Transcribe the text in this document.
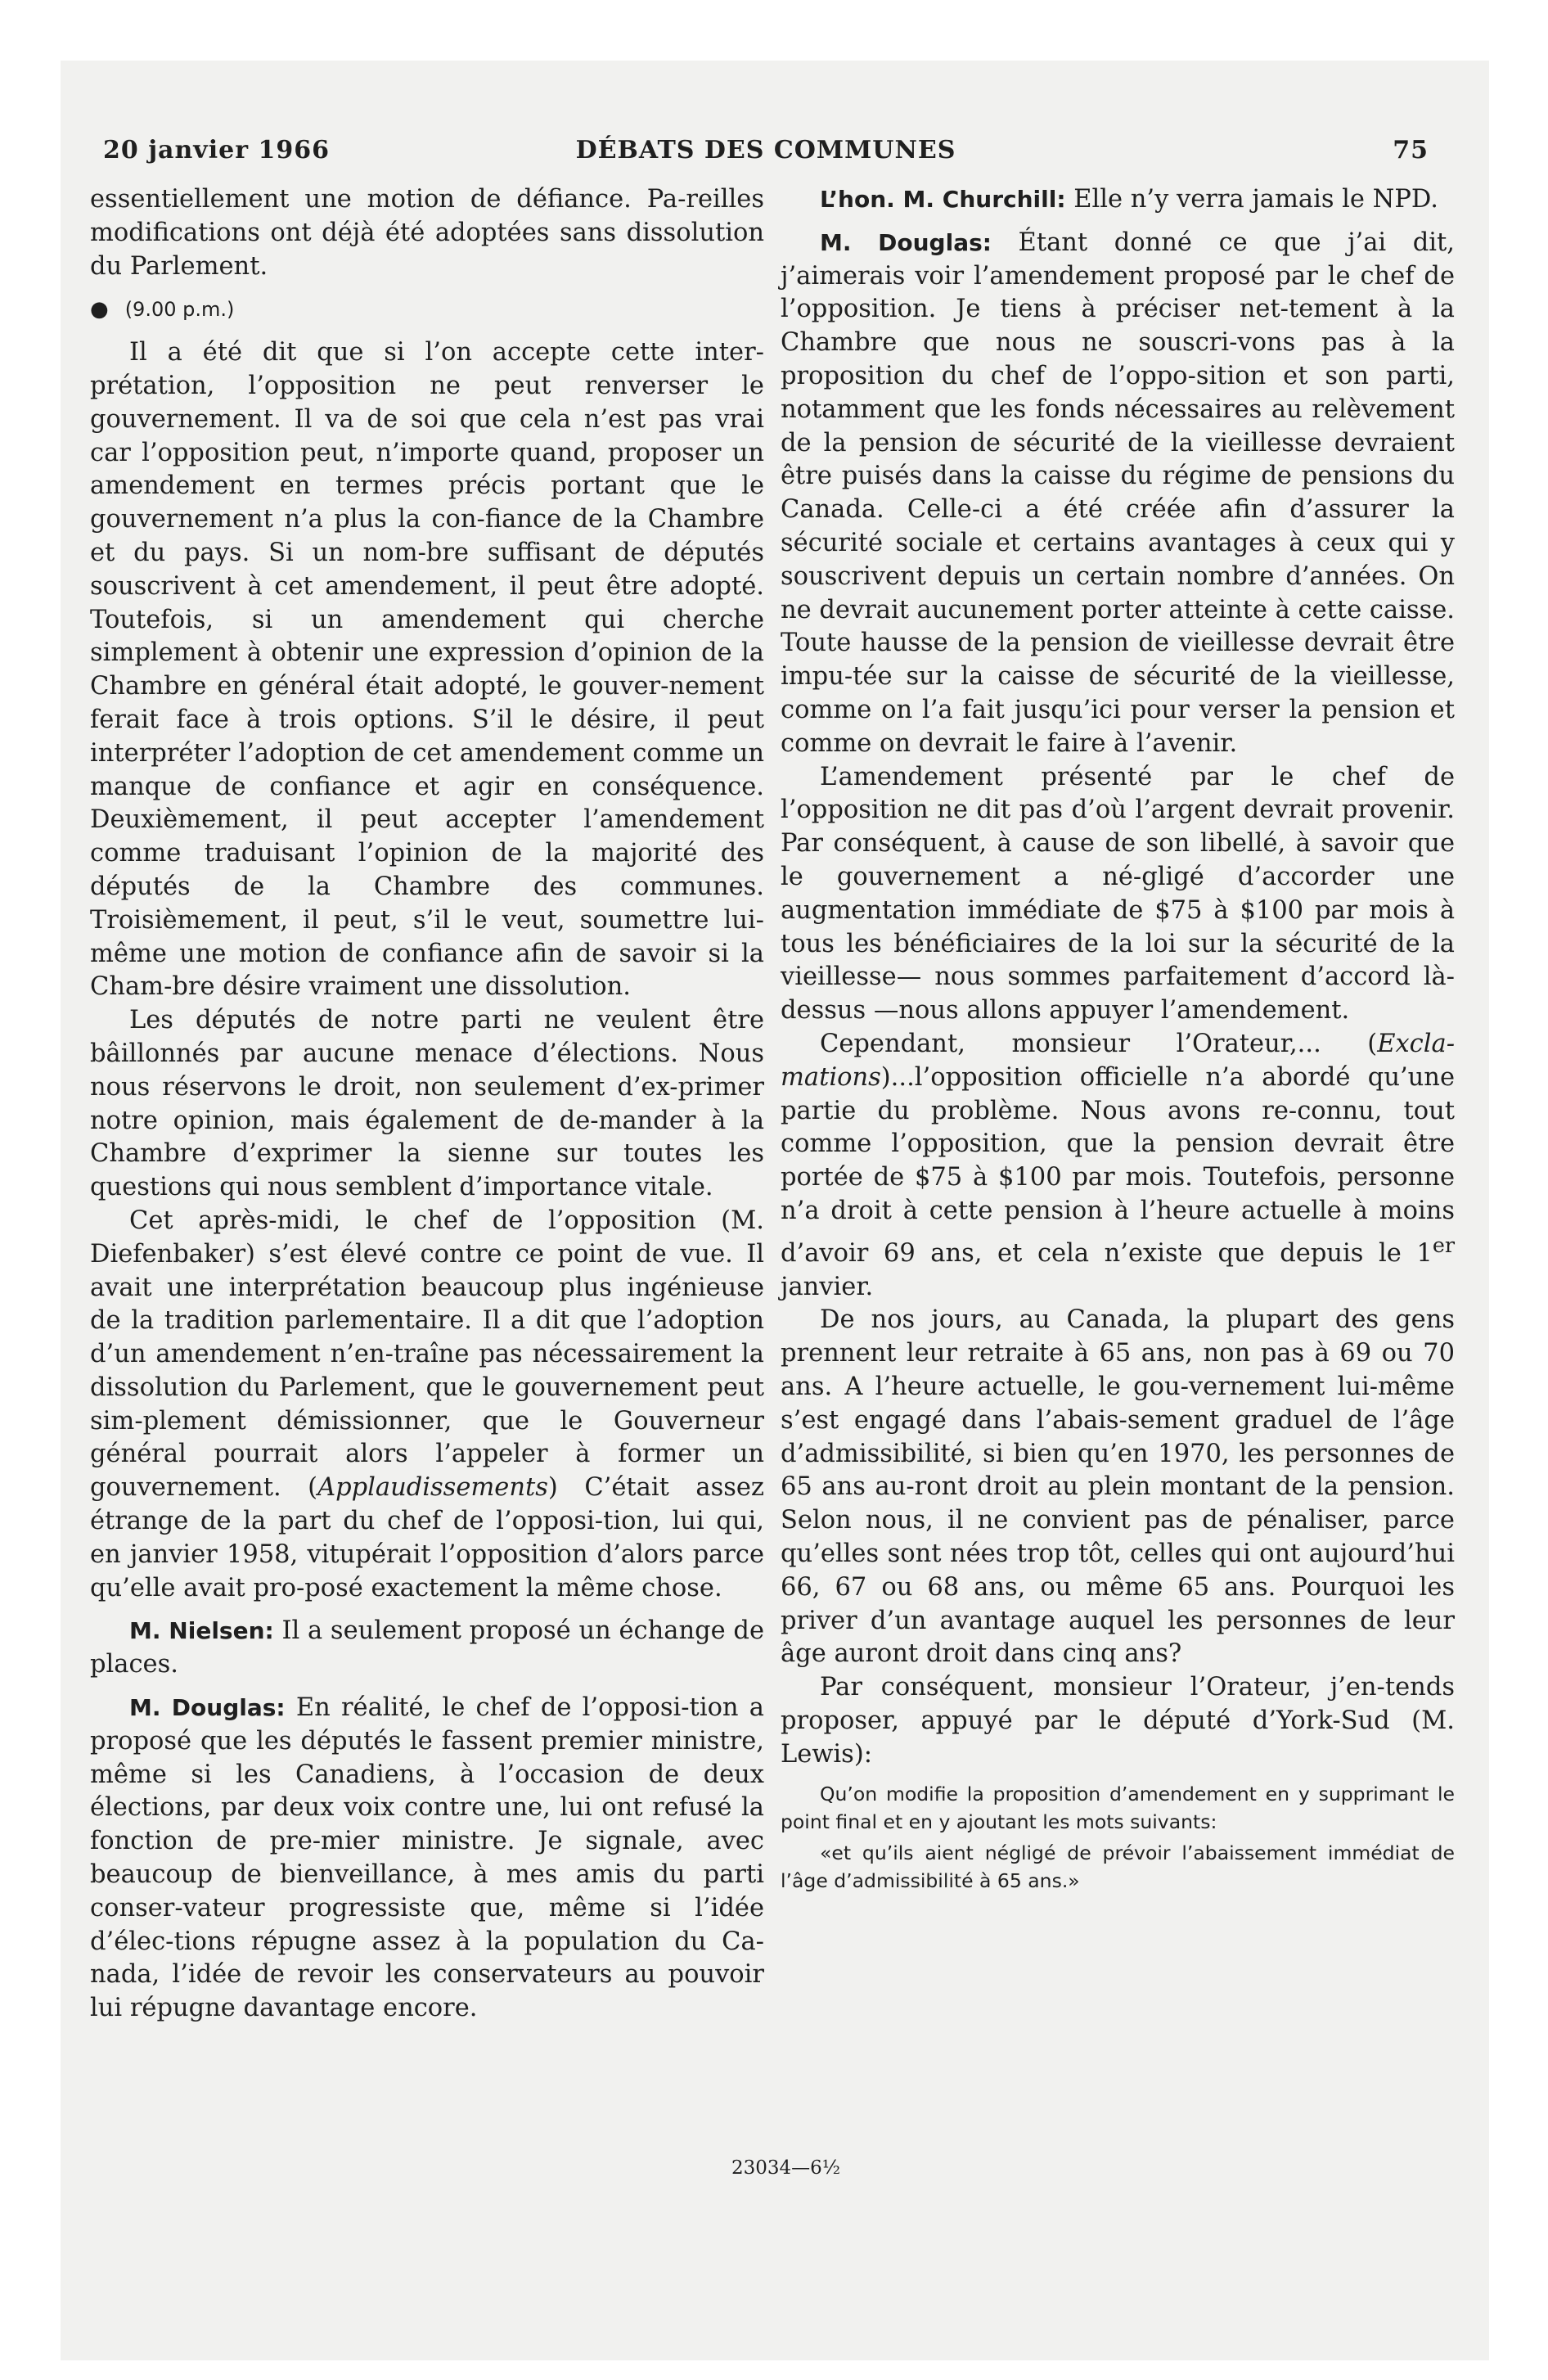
20 janvier 1966	DÉBATS DES COMMUNES	75

essentiellement une motion de défiance. Pa-reilles modifications ont déjà été adoptées sans dissolution du Parlement.

● (9.00 p.m.)

Il a été dit que si l’on accepte cette inter-prétation, l’opposition ne peut renverser le gouvernement. Il va de soi que cela n’est pas vrai car l’opposition peut, n’importe quand, proposer un amendement en termes précis portant que le gouvernement n’a plus la con-fiance de la Chambre et du pays. Si un nom-bre suffisant de députés souscrivent à cet amendement, il peut être adopté. Toutefois, si un amendement qui cherche simplement à obtenir une expression d’opinion de la Chambre en général était adopté, le gouver-nement ferait face à trois options. S’il le désire, il peut interpréter l’adoption de cet amendement comme un manque de confiance et agir en conséquence. Deuxièmement, il peut accepter l’amendement comme traduisant l’opinion de la majorité des députés de la Chambre des communes. Troisièmement, il peut, s’il le veut, soumettre lui-même une motion de confiance afin de savoir si la Cham-bre désire vraiment une dissolution.

Les députés de notre parti ne veulent être bâillonnés par aucune menace d’élections. Nous nous réservons le droit, non seulement d’ex-primer notre opinion, mais également de de-mander à la Chambre d’exprimer la sienne sur toutes les questions qui nous semblent d’importance vitale.

Cet après-midi, le chef de l’opposition (M. Diefenbaker) s’est élevé contre ce point de vue. Il avait une interprétation beaucoup plus ingénieuse de la tradition parlementaire. Il a dit que l’adoption d’un amendement n’en-traîne pas nécessairement la dissolution du Parlement, que le gouvernement peut sim-plement démissionner, que le Gouverneur général pourrait alors l’appeler à former un gouvernement. (Applaudissements) C’était assez étrange de la part du chef de l’opposi-tion, lui qui, en janvier 1958, vitupérait l’opposition d’alors parce qu’elle avait pro-posé exactement la même chose.

M. Nielsen: Il a seulement proposé un échange de places.

M. Douglas: En réalité, le chef de l’opposi-tion a proposé que les députés le fassent premier ministre, même si les Canadiens, à l’occasion de deux élections, par deux voix contre une, lui ont refusé la fonction de pre-mier ministre. Je signale, avec beaucoup de bienveillance, à mes amis du parti conser-vateur progressiste que, même si l’idée d’élec-tions répugne assez à la population du Ca-nada, l’idée de revoir les conservateurs au pouvoir lui répugne davantage encore.

L’hon. M. Churchill: Elle n’y verra jamais le NPD.

M. Douglas: Étant donné ce que j’ai dit, j’aimerais voir l’amendement proposé par le chef de l’opposition. Je tiens à préciser net-tement à la Chambre que nous ne souscri-vons pas à la proposition du chef de l’oppo-sition et son parti, notamment que les fonds nécessaires au relèvement de la pension de sécurité de la vieillesse devraient être puisés dans la caisse du régime de pensions du Canada. Celle-ci a été créée afin d’assurer la sécurité sociale et certains avantages à ceux qui y souscrivent depuis un certain nombre d’années. On ne devrait aucunement porter atteinte à cette caisse. Toute hausse de la pension de vieillesse devrait être impu-tée sur la caisse de sécurité de la vieillesse, comme on l’a fait jusqu’ici pour verser la pension et comme on devrait le faire à l’avenir.

L’amendement présenté par le chef de l’opposition ne dit pas d’où l’argent devrait provenir. Par conséquent, à cause de son libellé, à savoir que le gouvernement a né-gligé d’accorder une augmentation immédiate de $75 à $100 par mois à tous les bénéficiaires de la loi sur la sécurité de la vieillesse— nous sommes parfaitement d’accord là-dessus —nous allons appuyer l’amendement.

Cependant, monsieur l’Orateur,... (Excla-mations)...l’opposition officielle n’a abordé qu’une partie du problème. Nous avons re-connu, tout comme l’opposition, que la pension devrait être portée de $75 à $100 par mois. Toutefois, personne n’a droit à cette pension à l’heure actuelle à moins d’avoir 69 ans, et cela n’existe que depuis le 1er janvier.

De nos jours, au Canada, la plupart des gens prennent leur retraite à 65 ans, non pas à 69 ou 70 ans. A l’heure actuelle, le gou-vernement lui-même s’est engagé dans l’abais-sement graduel de l’âge d’admissibilité, si bien qu’en 1970, les personnes de 65 ans au-ront droit au plein montant de la pension. Selon nous, il ne convient pas de pénaliser, parce qu’elles sont nées trop tôt, celles qui ont aujourd’hui 66, 67 ou 68 ans, ou même 65 ans. Pourquoi les priver d’un avantage auquel les personnes de leur âge auront droit dans cinq ans?

Par conséquent, monsieur l’Orateur, j’en-tends proposer, appuyé par le député d’York-Sud (M. Lewis):

Qu’on modifie la proposition d’amendement en y supprimant le point final et en y ajoutant les mots suivants:

«et qu’ils aient négligé de prévoir l’abaissement immédiat de l’âge d’admissibilité à 65 ans.»

23034—6½
